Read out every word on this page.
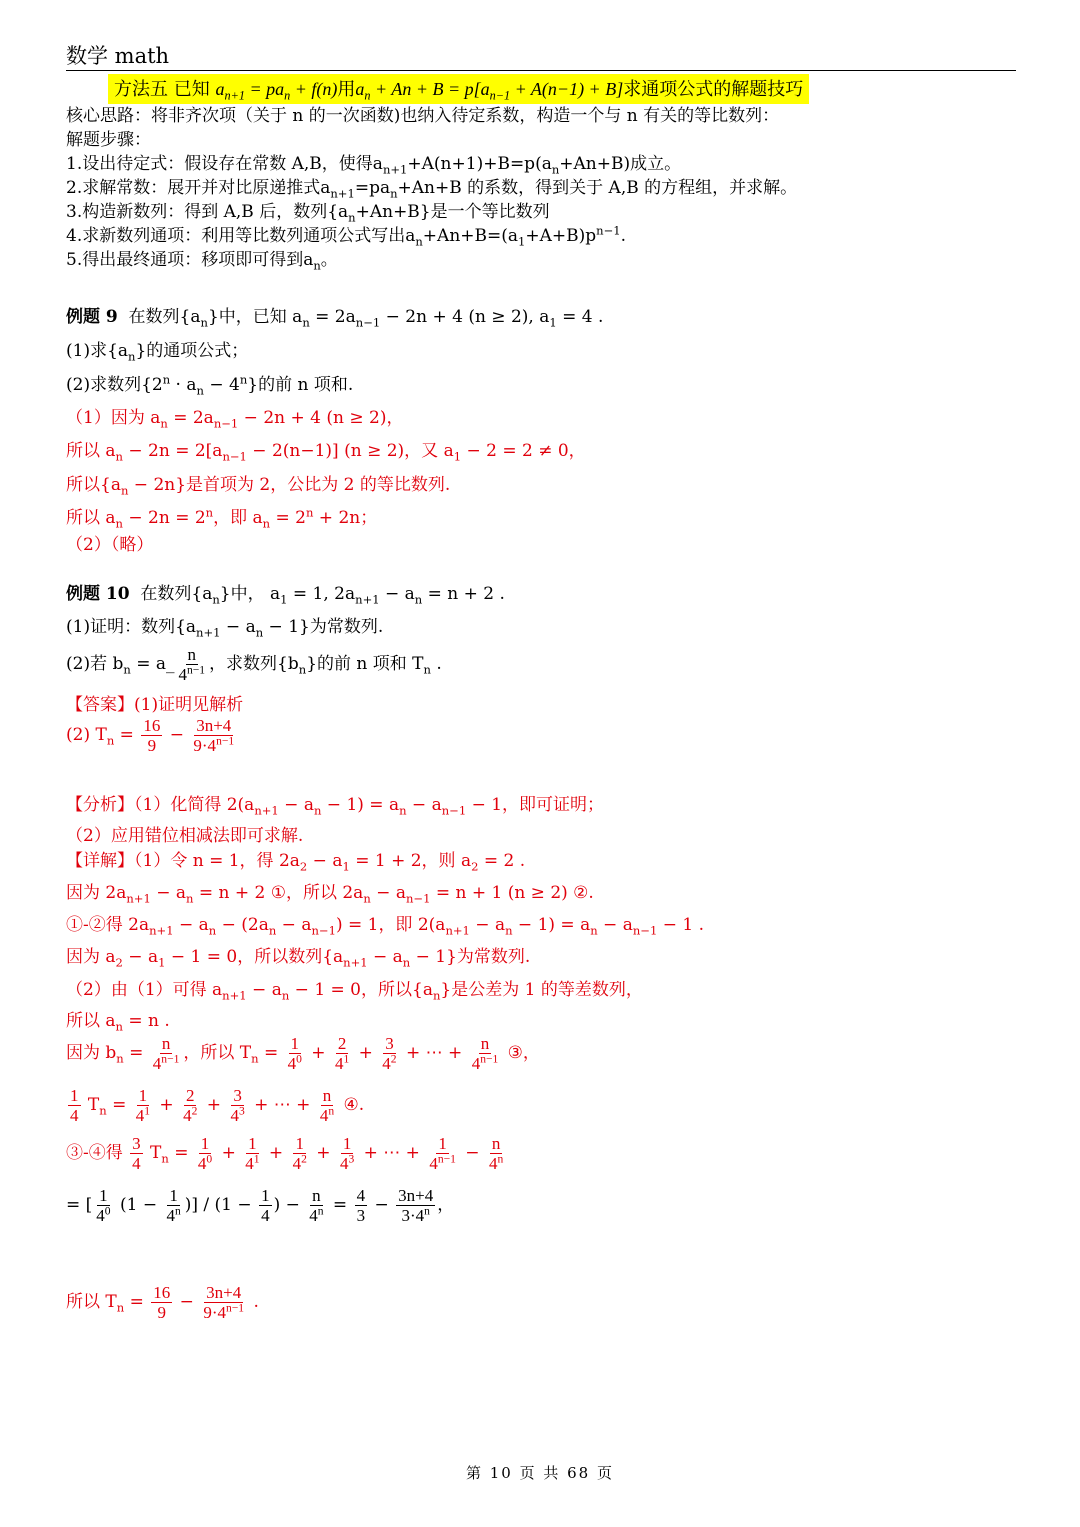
数学 math
方法五 已知 $a_{n+1} = pa_n + f(n)$用$a_n + An + B = p[a_{n-1} + A(n-1) + B]$求通项公式的解题技巧
核心思路：将非齐次项（关于 n 的一次函数)也纳入待定系数，构造一个与 n 有关的等比数列：
解题步骤：
1.设出待定式：假设存在常数 A,B，使得$a_{n+1}+A(n+1)+B=p(a_n+An+B)$成立。
2.求解常数：展开并对比原递推式$a_{n+1}=pa_n+An+B$ 的系数，得到关于 A,B 的方程组，并求解。
3.构造新数列：得到 A,B 后，数列$\{a_n+An+B\}$是一个等比数列
4.求新数列通项：利用等比数列通项公式写出$a_n+An+B=(a_1+A+B)p^{n-1}$.
5.得出最终通项：移项即可得到$a_n$。
例题 9  在数列$\{a_n\}$中，已知 $a_n = 2a_{n-1} - 2n + 4$ (n ≥ 2), $a_1 = 4$ .
(1)求$\{a_n\}$的通项公式；
(2)求数列$\{2^n \cdot a_n - 4^n\}$的前 n 项和.
（1）因为 $a_n = 2a_{n-1} - 2n + 4$ (n ≥ 2)，
所以 $a_n - 2n = 2[a_{n-1} - 2(n-1)] (n \ge 2)$，又 $a_1 - 2 = 2 \ne 0$，
所以$\{a_n - 2n\}$是首项为 2，公比为 2 的等比数列.
所以 $a_n - 2n = 2^n$，即 $a_n = 2^n + 2n$；
（2）（略）
例题 10  在数列$\{a_n\}$中， $a_1 = 1$, $2a_{n+1} - a_n = n + 2$ .
(1)证明：数列$\{a_{n+1} - a_n - 1\}$为常数列.
(2)若 $b_n$ = a_ $\frac{n}{4^{n-1}}$ ，求数列$\{b_n\}$的前 n 项和 $T_n$ .
【答案】(1)证明见解析
(2) $T_n = \frac{16}{9} - \frac{3n+4}{9\cdot 4^{n-1}}$
【分析】（1）化简得 $2(a_{n+1} - a_n - 1) = a_n - a_{n-1} - 1$，即可证明；
（2）应用错位相减法即可求解.
【详解】（1）令 n = 1，得 $2a_2 - a_1 = 1 + 2$，则 $a_2 = 2$ .
因为 $2a_{n+1} - a_n = n + 2$ ①，所以 $2a_n - a_{n-1} = n + 1$ (n ≥ 2) ②.
①-②得 $2a_{n+1} - a_n - (2a_n - a_{n-1}) = 1$，即 $2(a_{n+1} - a_n - 1) = a_n - a_{n-1} - 1$ .
因为 $a_2 - a_1 - 1 = 0$，所以数列$\{a_{n+1} - a_n - 1\}$为常数列.
（2）由（1）可得 $a_{n+1} - a_n - 1 = 0$，所以$\{a_n\}$是公差为 1 的等差数列，
所以 $a_n = n$ .
因为 $b_n = \frac{n}{4^{n-1}}$ ，所以 $T_n = \frac{1}{4^0} + \frac{2}{4^1} + \frac{3}{4^2}$ + ⋯ + $\frac{n}{4^{n-1}}$ ③，
$\frac{1}{4} T_n = \frac{1}{4^1} + \frac{2}{4^2} + \frac{3}{4^3}$ + ⋯ + $\frac{n}{4^n}$ ④.
③-④得 $\frac{3}{4} T_n = \frac{1}{4^0} + \frac{1}{4^1} + \frac{1}{4^2} + \frac{1}{4^3}$ + ⋯ + $\frac{1}{4^{n-1}} - \frac{n}{4^n}$
= [ $\frac{1}{4^0} (1 - \frac{1}{4^n}$ )] / ($1 - \frac{1}{4}$ ) − $\frac{n}{4^n} = \frac{4}{3} - \frac{3n+4}{3\cdot 4^n}$ ，
所以 $T_n = \frac{16}{9} - \frac{3n+4}{9\cdot 4^{n-1}}$ .
第 10 页 共 68 页
